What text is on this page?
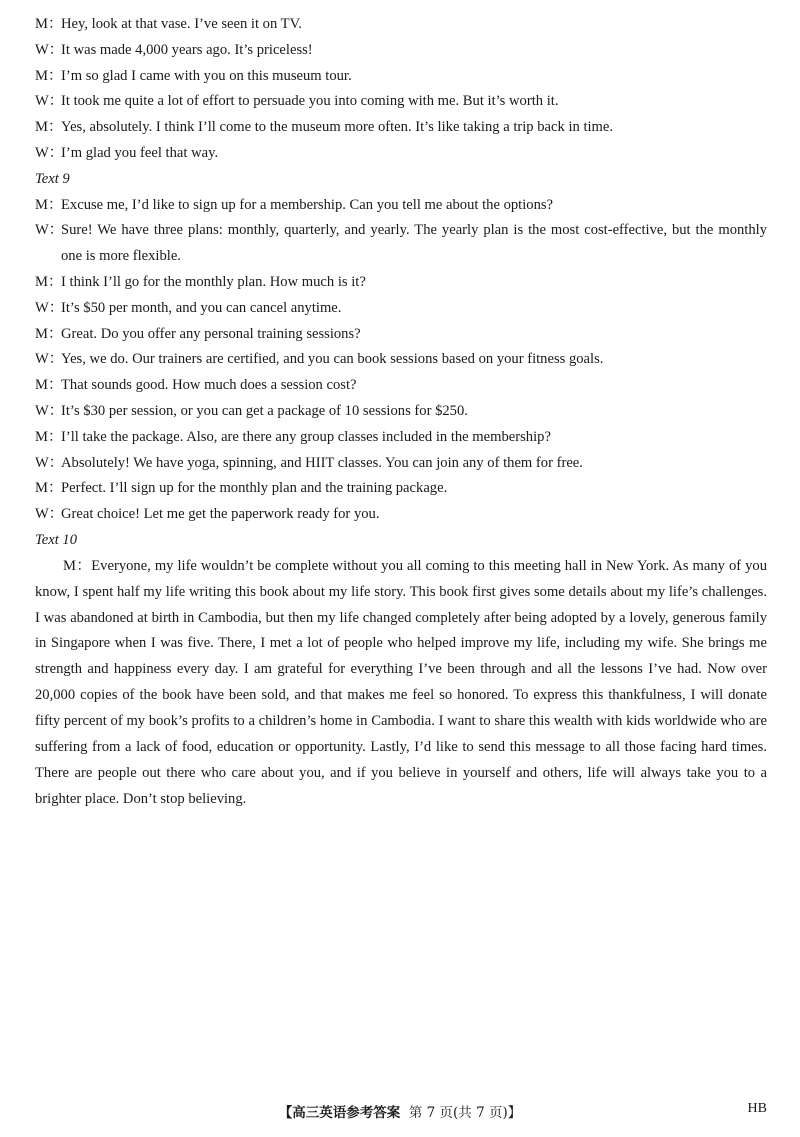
M：
Hey, look at that vase. I’ve seen it on TV.
W：
It was made 4,000 years ago. It’s priceless!
M：
I’m so glad I came with you on this museum tour.
W：
It took me quite a lot of effort to persuade you into coming with me. But it’s worth it.
M：
Yes, absolutely. I think I’ll come to the museum more often. It’s like taking a trip back in time.
W：
I’m glad you feel that way.
Text 9
M：
Excuse me, I’d like to sign up for a membership. Can you tell me about the options?
W：
Sure! We have three plans: monthly, quarterly, and yearly. The yearly plan is the most cost-effective, but the monthly one is more flexible.
M：
I think I’ll go for the monthly plan. How much is it?
W：
It’s $50 per month, and you can cancel anytime.
M：
Great. Do you offer any personal training sessions?
W：
Yes, we do. Our trainers are certified, and you can book sessions based on your fitness goals.
M：
That sounds good. How much does a session cost?
W：
It’s $30 per session, or you can get a package of 10 sessions for $250.
M：
I’ll take the package. Also, are there any group classes included in the membership?
W：
Absolutely! We have yoga, spinning, and HIIT classes. You can join any of them for free.
M：
Perfect. I’ll sign up for the monthly plan and the training package.
W：
Great choice! Let me get the paperwork ready for you.
Text 10

M：Everyone, my life wouldn’t be complete without you all coming to this meeting hall in New York. As many of you know, I spent half my life writing this book about my life story. This book first gives some details about my life’s challenges. I was abandoned at birth in Cambodia, but then my life changed completely after being adopted by a lovely, generous family in Singapore when I was five. There, I met a lot of people who helped improve my life, including my wife. She brings me strength and happiness every day. I am grateful for everything I’ve been through and all the lessons I’ve had. Now over 20,000 copies of the book have been sold, and that makes me feel so honored. To express this thankfulness, I will donate fifty percent of my book’s profits to a children’s home in Cambodia. I want to share this wealth with kids worldwide who are suffering from a lack of food, education or opportunity. Lastly, I’d like to send this message to all those facing hard times. There are people out there who care about you, and if you believe in yourself and others, life will always take you to a brighter place. Don’t stop believing.

【高三英语参考答案 第 7 页(共 7 页)】	HB
